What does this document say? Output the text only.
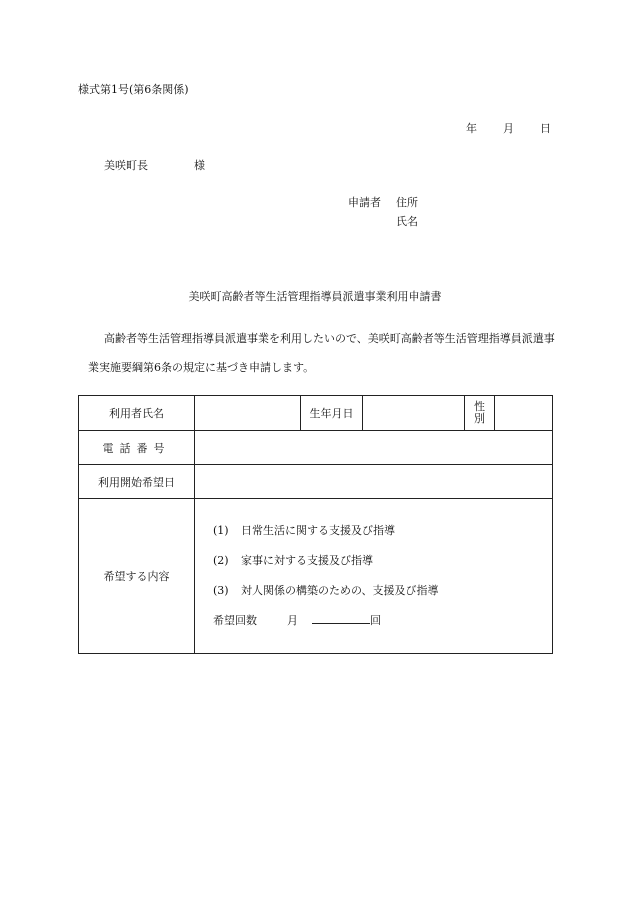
様式第1号(第6条関係)
年 月 日
美咲町長	様
申請者 住所
氏名
美咲町高齢者等生活管理指導員派遣事業利用申請書
高齢者等生活管理指導員派遣事業を利用したいので、美咲町高齢者等生活管理指導員派遣事業実施要綱第6条の規定に基づき申請します。
利用者氏名		生年月日		性
別	
電話番号					
利用開始希望日					
希望する内容	(1) 日常生活に関する支援及び指導
(2) 家事に対する支援及び指導
(3) 対人関係の構築のための、支援及び指導
希望回数 月 回				
